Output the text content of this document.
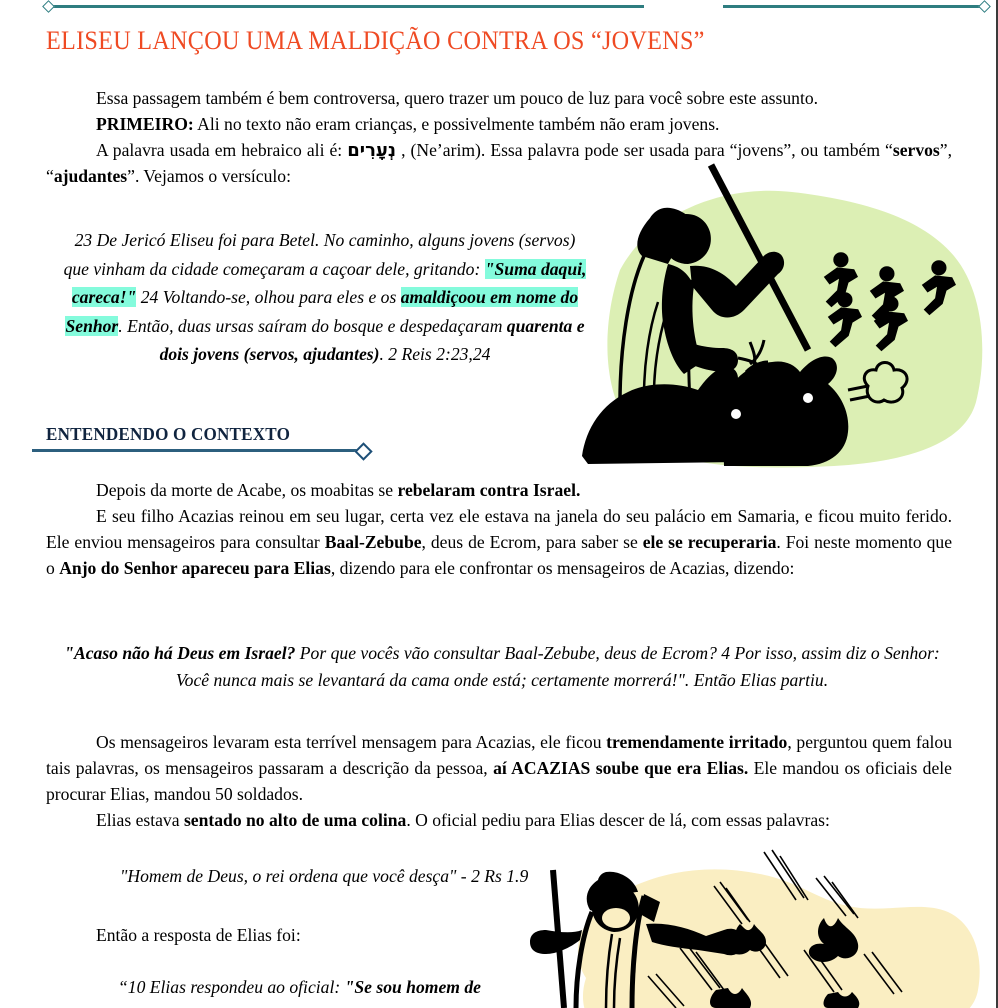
ELISEU LANÇOU UMA MALDIÇÃO CONTRA OS “JOVENS”

Essa passagem também é bem controversa, quero trazer um pouco de luz para você sobre este assunto.

PRIMEIRO: Ali no texto não eram crianças, e possivelmente também não eram jovens.

A palavra usada em hebraico ali é: נְעָרִים , (Ne’arim). Essa palavra pode ser usada para “jovens”, ou também “servos”, “ajudantes”. Vejamos o versículo:

23 De Jericó Eliseu foi para Betel. No caminho, alguns jovens (servos) que vinham da cidade começaram a caçoar dele, gritando: "Suma daqui, careca!" 24 Voltando-se, olhou para eles e os amaldiçoou em nome do Senhor. Então, duas ursas saíram do bosque e despedaçaram quarenta e dois jovens (servos, ajudantes). 2 Reis 2:23,24
ENTENDENDO O CONTEXTO

Depois da morte de Acabe, os moabitas se rebelaram contra Israel.

E seu filho Acazias reinou em seu lugar, certa vez ele estava na janela do seu palácio em Samaria, e ficou muito ferido. Ele enviou mensageiros para consultar Baal-Zebube, deus de Ecrom, para saber se ele se recuperaria. Foi neste momento que o Anjo do Senhor apareceu para Elias, dizendo para ele confrontar os mensageiros de Acazias, dizendo:

"Acaso não há Deus em Israel? Por que vocês vão consultar Baal-Zebube, deus de Ecrom? 4 Por isso, assim diz o Senhor: Você nunca mais se levantará da cama onde está; certamente morrerá!". Então Elias partiu.

Os mensageiros levaram esta terrível mensagem para Acazias, ele ficou tremendamente irritado, perguntou quem falou tais palavras, os mensageiros passaram a descrição da pessoa, aí ACAZIAS soube que era Elias. Ele mandou os oficiais dele procurar Elias, mandou 50 soldados.

Elias estava sentado no alto de uma colina. O oficial pediu para Elias descer de lá, com essas palavras:

"Homem de Deus, o rei ordena que você desça" - 2 Rs 1.9
Então a resposta de Elias foi:
“10 Elias respondeu ao oficial: "Se sou homem de
